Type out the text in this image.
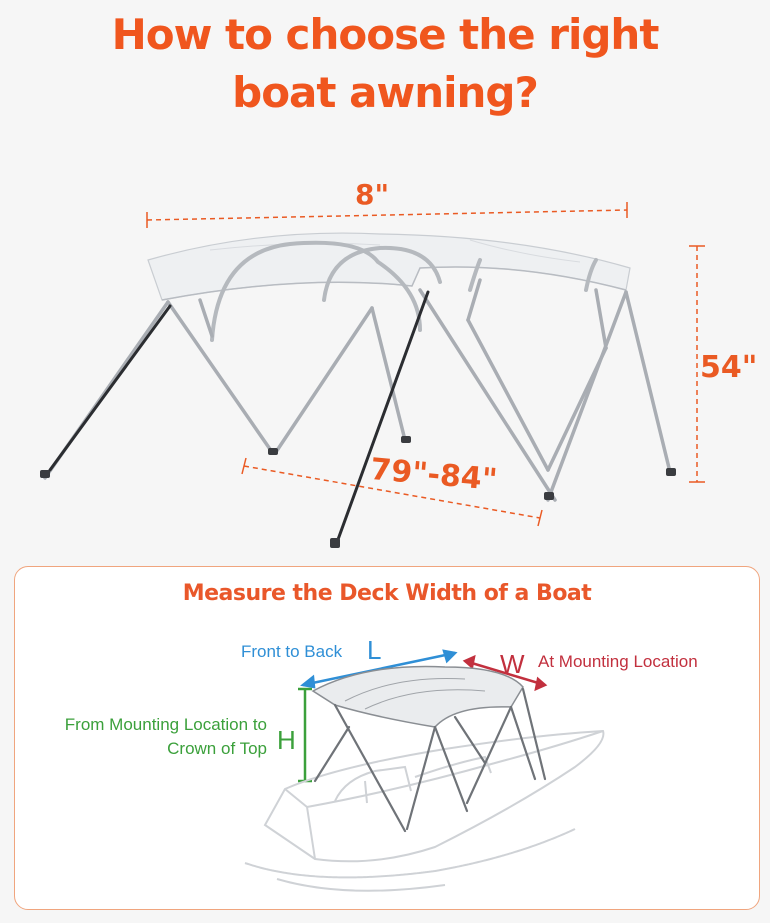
How to choose the right
boat awning?
8"
54"
79"-84"
Measure the Deck Width of a Boat
Front to Back L	W At Mounting Location
From Mounting Location to Crown of Top H
